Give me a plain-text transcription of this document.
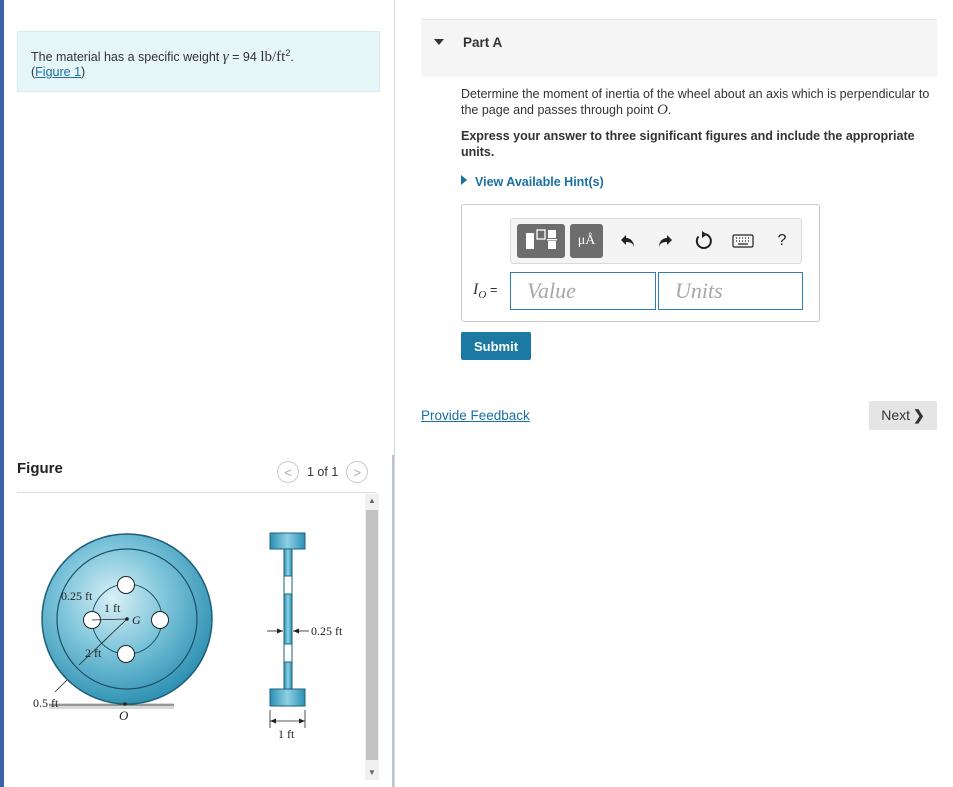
The material has a specific weight γ = 94 $lb/ft^2$.
(Figure 1)
Figure	< 1 of 1 >
0.25 ft
1 ft
G
2 ft
0.5 ft
O
0.25 ft
1 ft
▲
▼
Part A
Determine the moment of inertia of the wheel about an axis which is perpendicular to the page and passes through point O.
Express your answer to three significant figures and include the appropriate units.
View Available Hint(s)
μÅ	?
$I_O$ =
Value
Units
Submit
Provide Feedback	Next ❯
